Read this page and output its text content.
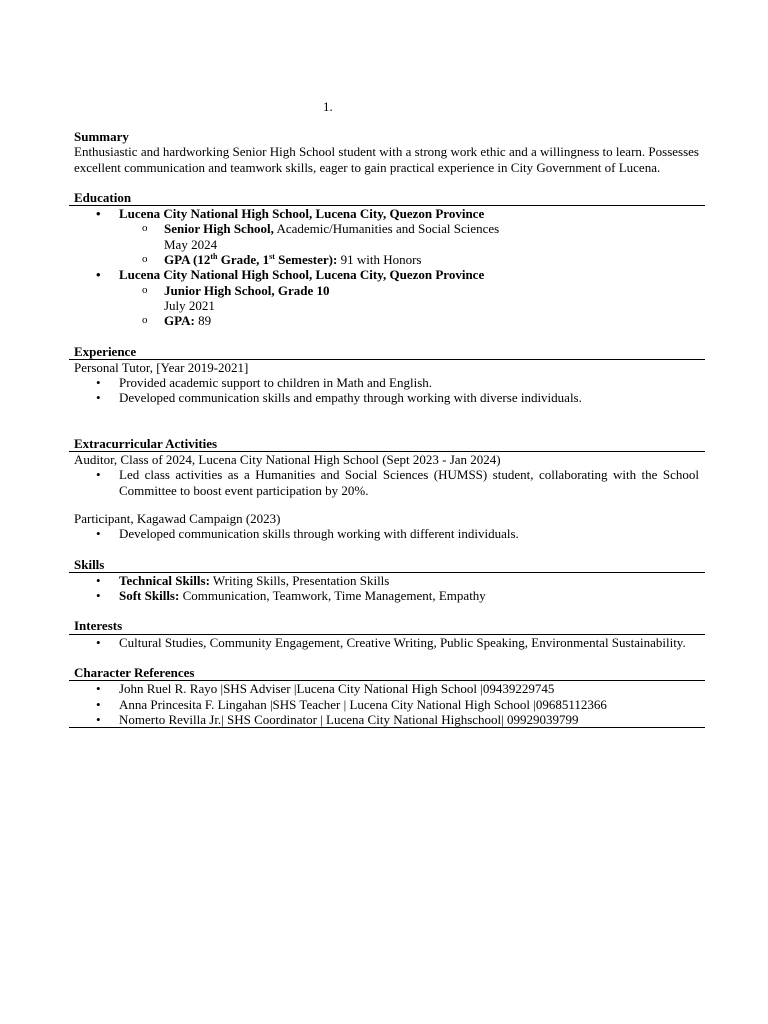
1.
Summary
Enthusiastic and hardworking Senior High School student with a strong work ethic and a willingness to learn. Possesses excellent communication and teamwork skills, eager to gain practical experience in City Government of Lucena.
Education
• Lucena City National High School, Lucena City, Quezon Province
o Senior High School, Academic/Humanities and Social Sciences
May 2024
o GPA (12th Grade, 1st Semester): 91 with Honors
• Lucena City National High School, Lucena City, Quezon Province
o Junior High School, Grade 10
July 2021
o GPA: 89
Experience
Personal Tutor, [Year 2019-2021]
• Provided academic support to children in Math and English.
• Developed communication skills and empathy through working with diverse individuals.
Extracurricular Activities
Auditor, Class of 2024, Lucena City National High School (Sept 2023 - Jan 2024)
• Led class activities as a Humanities and Social Sciences (HUMSS) student, collaborating with the School Committee to boost event participation by 20%.
Participant, Kagawad Campaign (2023)
• Developed communication skills through working with different individuals.
Skills
• Technical Skills: Writing Skills, Presentation Skills
• Soft Skills: Communication, Teamwork, Time Management, Empathy
Interests
• Cultural Studies, Community Engagement, Creative Writing, Public Speaking, Environmental Sustainability.
Character References
• John Ruel R. Rayo |SHS Adviser |Lucena City National High School |09439229745
• Anna Princesita F. Lingahan |SHS Teacher | Lucena City National High School |09685112366
• Nomerto Revilla Jr.| SHS Coordinator | Lucena City National Highschool| 09929039799
